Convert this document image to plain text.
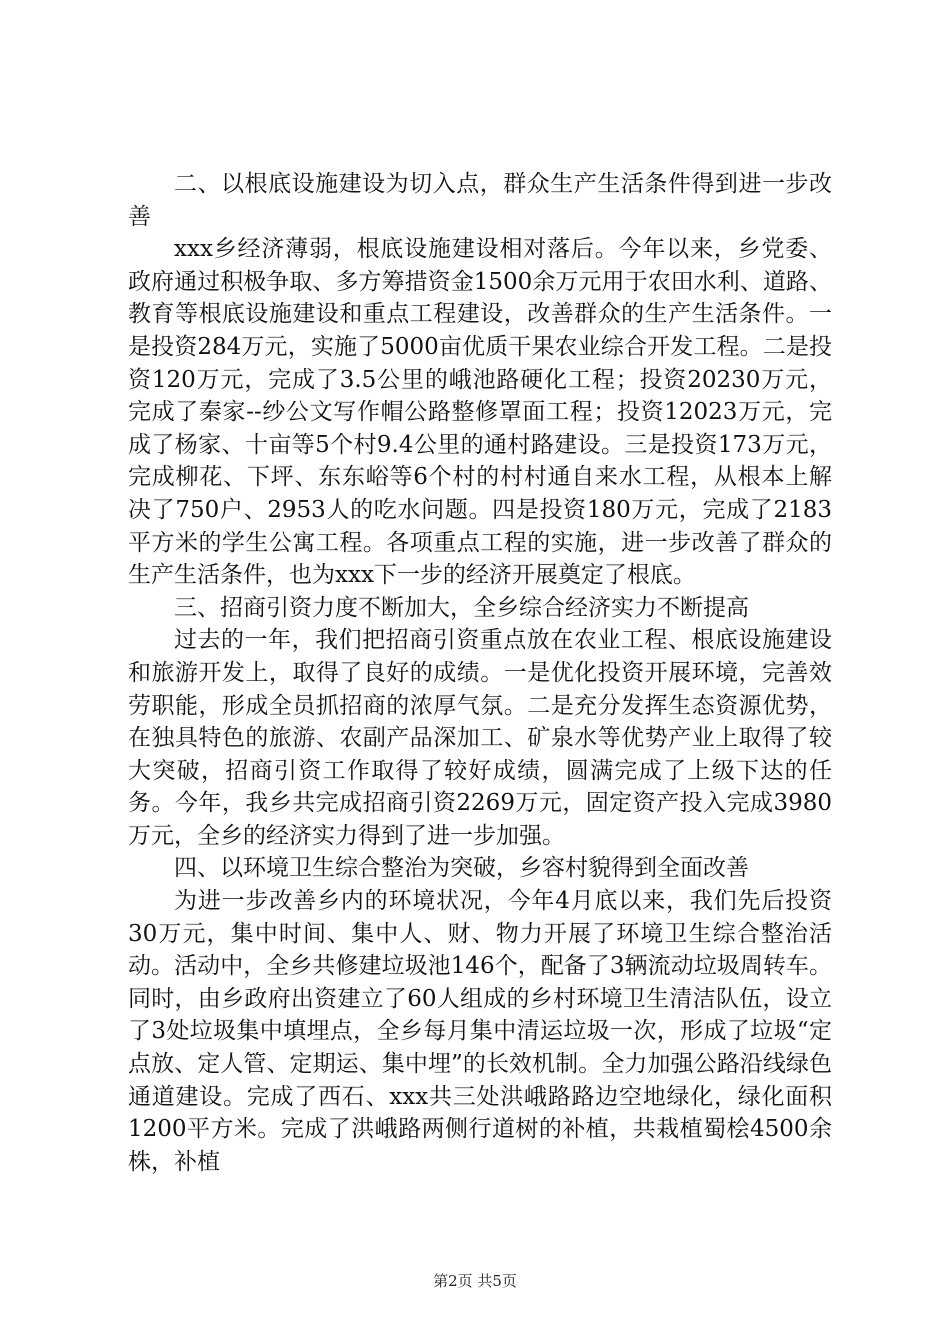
二、以根底设施建设为切入点，群众生产生活条件得到进一步改善

xxx乡经济薄弱，根底设施建设相对落后。今年以来，乡党委、政府通过积极争取、多方筹措资金1500余万元用于农田水利、道路、教育等根底设施建设和重点工程建设，改善群众的生产生活条件。一是投资284万元，实施了5000亩优质干果农业综合开发工程。二是投资120万元，完成了3.5公里的峨池路硬化工程；投资20230万元，完成了秦家--纱公文写作帽公路整修罩面工程；投资12023万元，完成了杨家、十亩等5个村9.4公里的通村路建设。三是投资173万元，完成柳花、下坪、东东峪等6个村的村村通自来水工程，从根本上解决了750户、2953人的吃水问题。四是投资180万元，完成了2183平方米的学生公寓工程。各项重点工程的实施，进一步改善了群众的生产生活条件，也为xxx下一步的经济开展奠定了根底。

三、招商引资力度不断加大，全乡综合经济实力不断提高

过去的一年，我们把招商引资重点放在农业工程、根底设施建设和旅游开发上，取得了良好的成绩。一是优化投资开展环境，完善效劳职能，形成全员抓招商的浓厚气氛。二是充分发挥生态资源优势，在独具特色的旅游、农副产品深加工、矿泉水等优势产业上取得了较大突破，招商引资工作取得了较好成绩，圆满完成了上级下达的任务。今年，我乡共完成招商引资2269万元，固定资产投入完成3980万元，全乡的经济实力得到了进一步加强。

四、以环境卫生综合整治为突破，乡容村貌得到全面改善

为进一步改善乡内的环境状况，今年4月底以来，我们先后投资30万元，集中时间、集中人、财、物力开展了环境卫生综合整治活动。活动中，全乡共修建垃圾池146个，配备了3辆流动垃圾周转车。同时，由乡政府出资建立了60人组成的乡村环境卫生清洁队伍，设立了3处垃圾集中填埋点，全乡每月集中清运垃圾一次，形成了垃圾“定点放、定人管、定期运、集中埋”的长效机制。全力加强公路沿线绿色通道建设。完成了西石、xxx共三处洪峨路路边空地绿化，绿化面积1200平方米。完成了洪峨路两侧行道树的补植，共栽植蜀桧4500余株，补植

第2页 共5页
